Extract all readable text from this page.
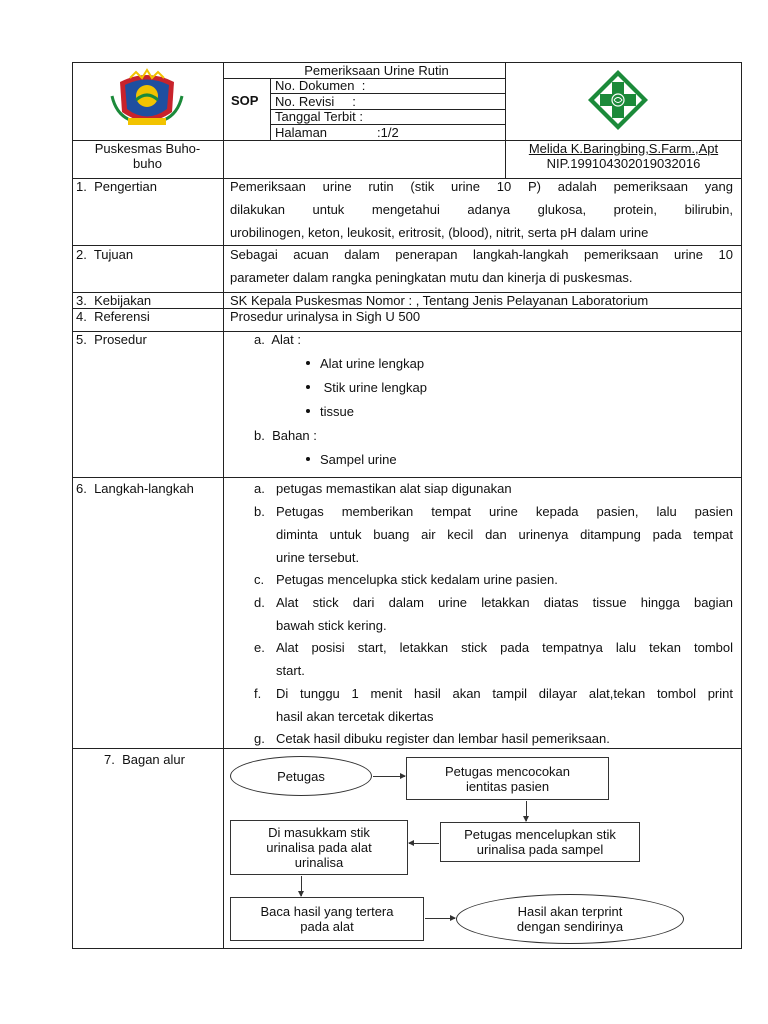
Pemeriksaan Urine Rutin
SOP
No. Dokumen  :
No. Revisi     :
Tanggal Terbit :
Halaman	:1/2
Puskesmas Buho-
buho
Melida K.Baringbing,S.Farm.,Apt
NIP.199104302019032016
1.  Pengertian	Pemeriksaan urine rutin (stik urine 10 P) adalah pemeriksaan yang
dilakukan untuk mengetahui adanya glukosa, protein, bilirubin,
urobilinogen, keton, leukosit, eritrosit, (blood), nitrit, serta pH dalam urine
2.  Tujuan	Sebagai acuan dalam penerapan langkah-langkah pemeriksaan urine 10
parameter dalam rangka peningkatan mutu dan kinerja di puskesmas.
3.  Kebijakan	SK Kepala Puskesmas Nomor : , Tentang Jenis Pelayanan Laboratorium
4.  Referensi	Prosedur urinalysa in Sigh U 500
5.  Prosedur	a.  Alat :
Alat urine lengkap
Stik urine lengkap
tissue
b.  Bahan :
Sampel urine
6.  Langkah-langkah	a. petugas memastikan alat siap digunakan
b. Petugas memberikan tempat urine kepada pasien, lalu pasien
diminta untuk buang air kecil dan urinenya ditampung pada tempat
urine tersebut.
c. Petugas mencelupka stick kedalam urine pasien.
d. Alat stick dari dalam urine letakkan diatas tissue hingga bagian
bawah stick kering.
e. Alat posisi start, letakkan stick pada tempatnya lalu tekan tombol
start.
f. Di tunggu 1 menit hasil akan tampil dilayar alat,tekan tombol print
hasil akan tercetak dikertas
g. Cetak hasil dibuku register dan lembar hasil pemeriksaan.
7.  Bagan alur
Petugas	Petugas mencocokan ientitas pasien
Petugas mencelupkan stik urinalisa pada sampel
Di masukkam stik urinalisa pada alat urinalisa
Baca hasil yang tertera pada alat
Hasil akan terprint dengan sendirinya
